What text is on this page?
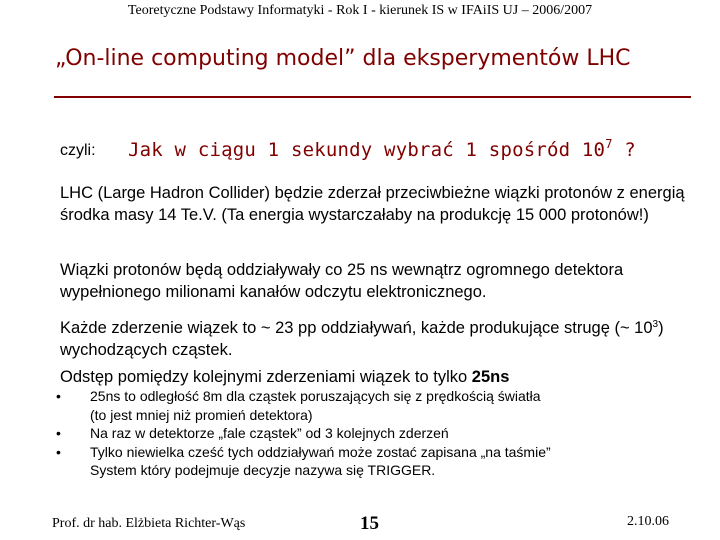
Teoretyczne Podstawy Informatyki - Rok I - kierunek IS w IFAiIS UJ – 2006/2007
„On-line computing model” dla eksperymentów LHC
czyli: Jak w ciągu 1 sekundy wybrać 1 spośród $10^7$ ?
LHC (Large Hadron Collider) będzie zderzał przeciwbieżne wiązki protonów z energią środka masy 14 Te.V. (Ta energia wystarczałaby na produkcję 15 000 protonów!)
Wiązki protonów będą oddziaływały co 25 ns wewnątrz ogromnego detektora wypełnionego milionami kanałów odczytu elektronicznego.
Każde zderzenie wiązek to ~ 23 pp oddziaływań, każde produkujące strugę (~ $10^3$) wychodzących cząstek.
Odstęp pomiędzy kolejnymi zderzeniami wiązek to tylko 25ns
• 25ns to odległość 8m dla cząstek poruszających się z prędkością światła
(to jest mniej niż promień detektora)
• Na raz w detektorze „fale cząstek” od 3 kolejnych zderzeń
• Tylko niewielka cześć tych oddziaływań może zostać zapisana „na taśmie”
System który podejmuje decyzje nazywa się TRIGGER.
Prof. dr hab. Elżbieta Richter-Wąs	15	2.10.06
